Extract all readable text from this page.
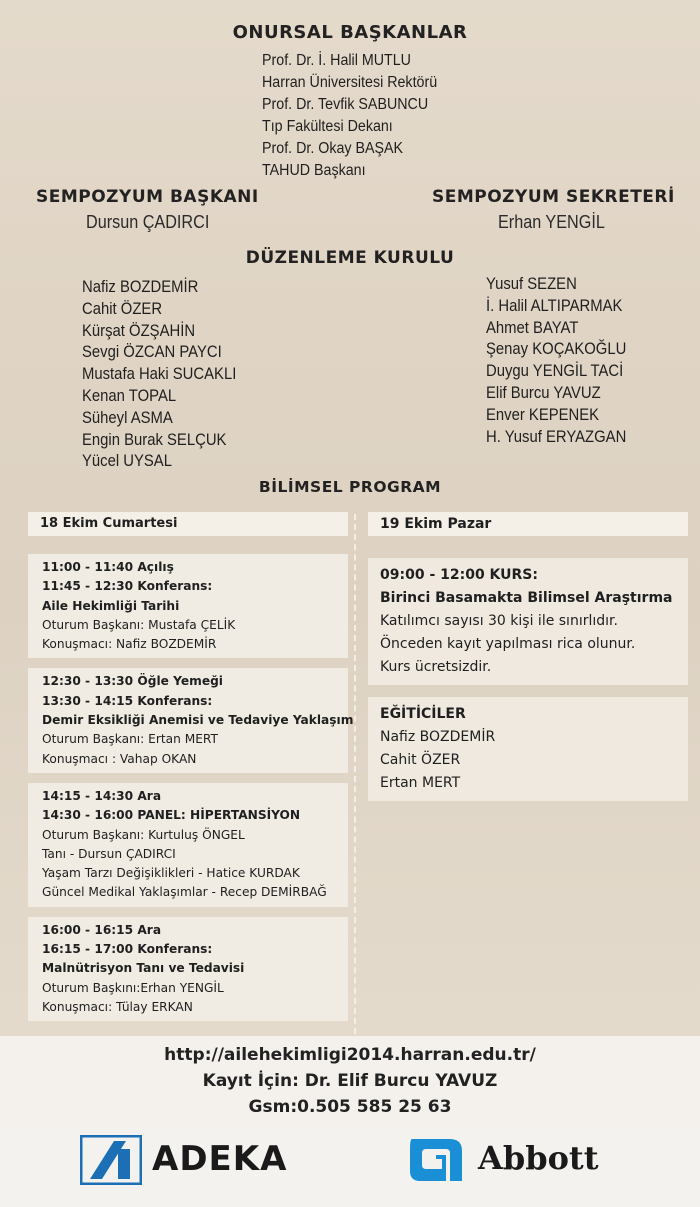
ONURSAL BAŞKANLAR
Prof. Dr. İ. Halil MUTLU
Harran Üniversitesi Rektörü
Prof. Dr. Tevfik SABUNCU
Tıp Fakültesi Dekanı
Prof. Dr. Okay BAŞAK
TAHUD Başkanı
SEMPOZYUM BAŞKANI
Dursun ÇADIRCI
SEMPOZYUM SEKRETERİ
Erhan YENGİL
DÜZENLEME KURULU
Nafiz BOZDEMİR
Cahit ÖZER
Kürşat ÖZŞAHİN
Sevgi ÖZCAN PAYCI
Mustafa Haki SUCAKLI
Kenan TOPAL
Süheyl ASMA
Engin Burak SELÇUK
Yücel UYSAL
Yusuf SEZEN
İ. Halil ALTIPARMAK
Ahmet BAYAT
Şenay KOÇAKOĞLU
Duygu YENGİL TACİ
Elif Burcu YAVUZ
Enver KEPENEK
H. Yusuf ERYAZGAN
BİLİMSEL PROGRAM
18 Ekim Cumartesi
11:00 - 11:40 Açılış
11:45 - 12:30 Konferans:
Aile Hekimliği Tarihi
Oturum Başkanı: Mustafa ÇELİK
Konuşmacı: Nafiz BOZDEMİR
12:30 - 13:30 Öğle Yemeği
13:30 - 14:15 Konferans:
Demir Eksikliği Anemisi ve Tedaviye Yaklaşım
Oturum Başkanı: Ertan MERT
Konuşmacı : Vahap OKAN
14:15 - 14:30 Ara
14:30 - 16:00 PANEL: HİPERTANSİYON
Oturum Başkanı: Kurtuluş ÖNGEL
Tanı - Dursun ÇADIRCI
Yaşam Tarzı Değişiklikleri - Hatice KURDAK
Güncel Medikal Yaklaşımlar - Recep DEMİRBAĞ
16:00 - 16:15 Ara
16:15 - 17:00 Konferans:
Malnütrisyon Tanı ve Tedavisi
Oturum Başkını:Erhan YENGİL
Konuşmacı: Tülay ERKAN
19 Ekim Pazar
09:00 - 12:00 KURS:
Birinci Basamakta Bilimsel Araştırma
Katılımcı sayısı 30 kişi ile sınırlıdır.
Önceden kayıt yapılması rica olunur.
Kurs ücretsizdir.
EĞİTİCİLER
Nafiz BOZDEMİR
Cahit ÖZER
Ertan MERT
http://ailehekimligi2014.harran.edu.tr/
Kayıt İçin: Dr. Elif Burcu YAVUZ
Gsm:0.505 585 25 63
ADEKA	Abbott
